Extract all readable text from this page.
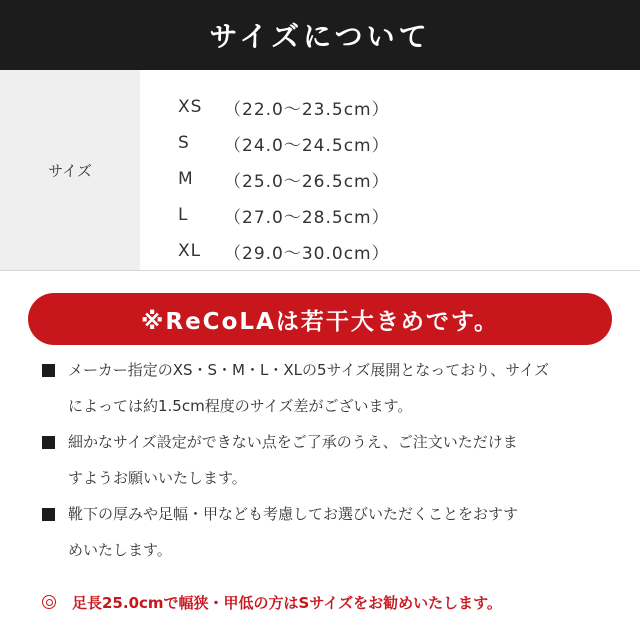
サイズについて
サイズ
XS	（22.0～23.5cm）
S	（24.0～24.5cm）
M	（25.0～26.5cm）
L	（27.0～28.5cm）
XL	（29.0～30.0cm）
※ReCoLAは若干大きめです。
メーカー指定のXS・S・M・L・XLの5サイズ展開となっており、サイズ
によっては約1.5cm程度のサイズ差がございます。
細かなサイズ設定ができない点をご了承のうえ、ご注文いただけま
すようお願いいたします。
靴下の厚みや足幅・甲なども考慮してお選びいただくことをおすす
めいたします。
足長25.0cmで幅狭・甲低の方はSサイズをお勧めいたします。
